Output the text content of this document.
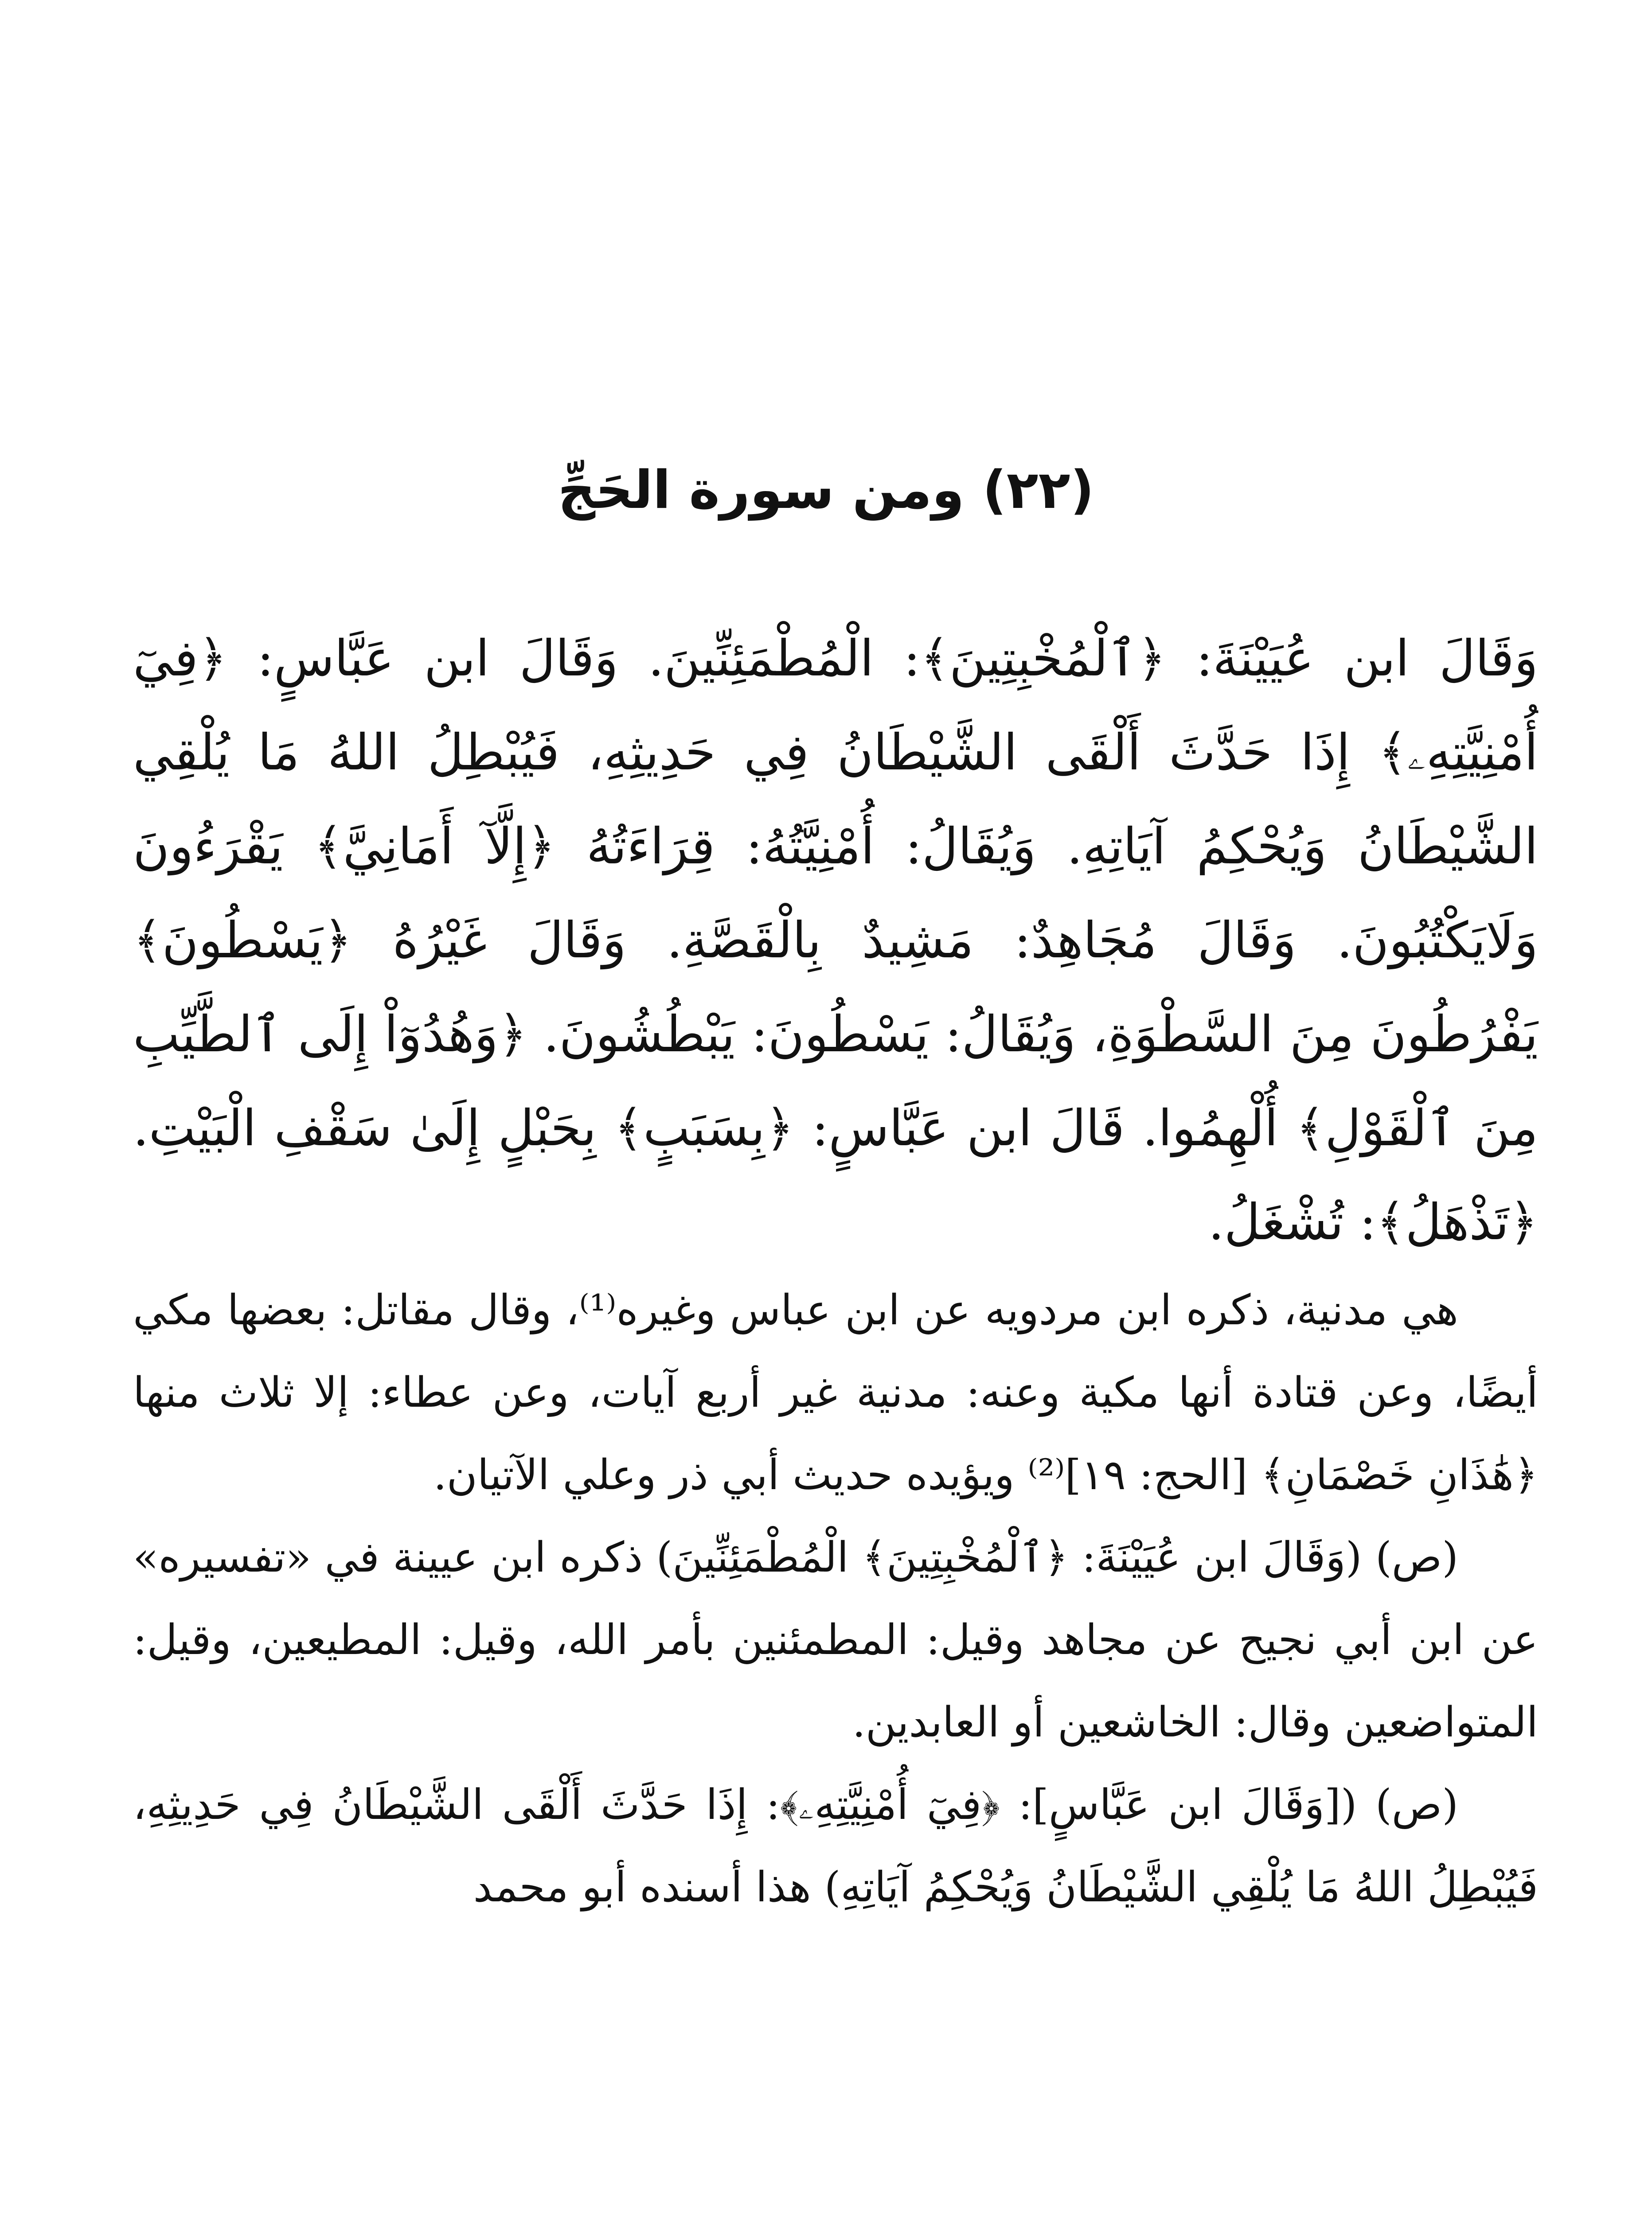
(٢٢) ومن سورة الحَجِّ

وَقَالَ ابن عُيَيْنَةَ: ﴿ٱلْمُخْبِتِينَ﴾: الْمُطْمَئِنِّينَ. وَقَالَ ابن عَبَّاسٍ: ﴿فِيٓ أُمْنِيَّتِهِۦ﴾ إِذَا حَدَّثَ أَلْقَى الشَّيْطَانُ فِي حَدِيثِهِ، فَيُبْطِلُ اللهُ مَا يُلْقِي الشَّيْطَانُ وَيُحْكِمُ آيَاتِهِ. وَيُقَالُ: أُمْنِيَّتُهُ: قِرَاءَتُهُ ﴿إِلَّآ أَمَانِيَّ﴾ يَقْرَءُونَ وَلَايَكْتُبُونَ. وَقَالَ مُجَاهِدٌ: مَشِيدٌ بِالْقَصَّةِ. وَقَالَ غَيْرُهُ ﴿يَسْطُونَ﴾ يَفْرُطُونَ مِنَ السَّطْوَةِ، وَيُقَالُ: يَسْطُونَ: يَبْطُشُونَ. ﴿وَهُدُوٓاْ إِلَى ٱلطَّيِّبِ مِنَ ٱلْقَوْلِ﴾ أُلْهِمُوا. قَالَ ابن عَبَّاسٍ: ﴿بِسَبَبٍ﴾ بِحَبْلٍ إِلَىٰ سَقْفِ الْبَيْتِ. ﴿تَذْهَلُ﴾: تُشْغَلُ.

هي مدنية، ذكره ابن مردويه عن ابن عباس وغيره⁽¹⁾، وقال مقاتل: بعضها مكي أيضًا، وعن قتادة أنها مكية وعنه: مدنية غير أربع آيات، وعن عطاء: إلا ثلاث منها ﴿هَٰذَانِ خَصْمَانِ﴾ [الحج: ١٩]⁽²⁾ ويؤيده حديث أبي ذر وعلي الآتيان.

(ص) (وَقَالَ ابن عُيَيْنَةَ: ﴿ٱلْمُخْبِتِينَ﴾ الْمُطْمَئِنِّينَ) ذكره ابن عيينة في «تفسيره» عن ابن أبي نجيح عن مجاهد وقيل: المطمئنين بأمر الله، وقيل: المطيعين، وقيل: المتواضعين وقال: الخاشعين أو العابدين.

(ص) ([وَقَالَ ابن عَبَّاسٍ]: ﴿فِيٓ أُمْنِيَّتِهِۦ﴾: إِذَا حَدَّثَ أَلْقَى الشَّيْطَانُ فِي حَدِيثِهِ، فَيُبْطِلُ اللهُ مَا يُلْقِي الشَّيْطَانُ وَيُحْكِمُ آيَاتِهِ) هذا أسنده أبو محمد
